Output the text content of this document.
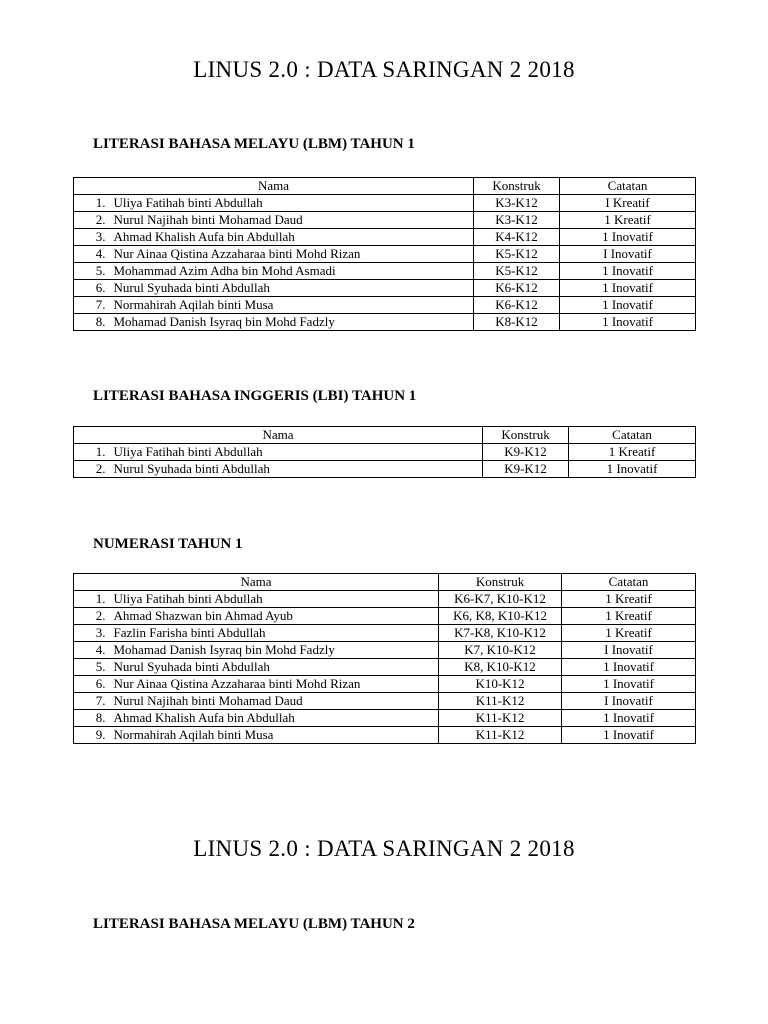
LINUS 2.0 : DATA SARINGAN 2 2018
LITERASI BAHASA MELAYU (LBM) TAHUN 1
Nama		Konstruk	Catatan
1.	Uliya Fatihah binti Abdullah	K3-K12	I Kreatif
2.	Nurul Najihah binti Mohamad Daud	K3-K12	1 Kreatif
3.	Ahmad Khalish Aufa bin Abdullah	K4-K12	1 Inovatif
4.	Nur Ainaa Qistina Azzaharaa binti Mohd Rizan	K5-K12	I Inovatif
5.	Mohammad Azim Adha bin Mohd Asmadi	K5-K12	1 Inovatif
6.	Nurul Syuhada binti Abdullah	K6-K12	1 Inovatif
7.	Normahirah Aqilah binti Musa	K6-K12	1 Inovatif
8.	Mohamad Danish Isyraq bin Mohd Fadzly	K8-K12	1 Inovatif
LITERASI BAHASA INGGERIS (LBI) TAHUN 1
Nama		Konstruk	Catatan
1.	Uliya Fatihah binti Abdullah	K9-K12	1 Kreatif
2.	Nurul Syuhada binti Abdullah	K9-K12	1 Inovatif
NUMERASI TAHUN 1
Nama		Konstruk	Catatan
1.	Uliya Fatihah binti Abdullah	K6-K7, K10-K12	1 Kreatif
2.	Ahmad Shazwan bin Ahmad Ayub	K6, K8, K10-K12	1 Kreatif
3.	Fazlin Farisha binti Abdullah	K7-K8, K10-K12	1 Kreatif
4.	Mohamad Danish Isyraq bin Mohd Fadzly	K7, K10-K12	I Inovatif
5.	Nurul Syuhada binti Abdullah	K8, K10-K12	1 Inovatif
6.	Nur Ainaa Qistina Azzaharaa binti Mohd Rizan	K10-K12	1 Inovatif
7.	Nurul Najihah binti Mohamad Daud	K11-K12	I Inovatif
8.	Ahmad Khalish Aufa bin Abdullah	K11-K12	1 Inovatif
9.	Normahirah Aqilah binti Musa	K11-K12	1 Inovatif
LINUS 2.0 : DATA SARINGAN 2 2018
LITERASI BAHASA MELAYU (LBM) TAHUN 2
